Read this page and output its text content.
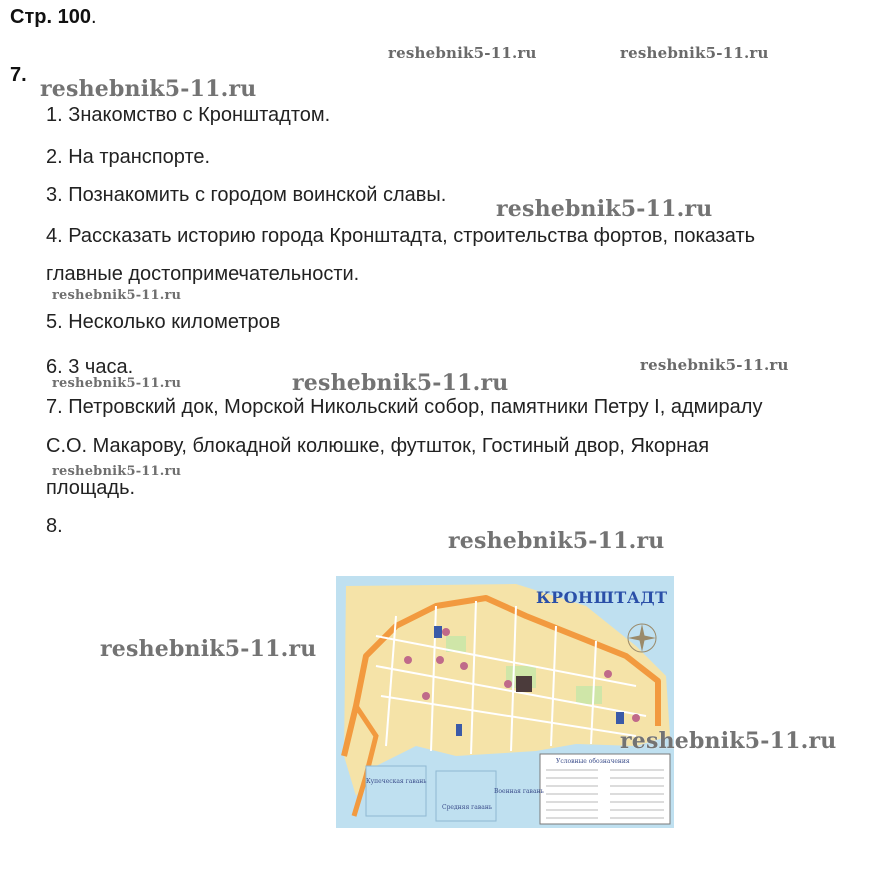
Стр. 100.
7.
1. Знакомство с Кронштадтом.
2. На транспорте.
3. Познакомить с городом воинской славы.
4. Рассказать историю города Кронштадта, строительства фортов, показать
главные достопримечательности.
5. Несколько километров
6. 3 часа.
7. Петровский док, Морской Никольский собор, памятники Петру I, адмиралу
С.О. Макарову, блокадной колюшке, футшток, Гостиный двор, Якорная
площадь.
8.
КРОНШТАДТ
Купеческая гавань
Средняя гавань
Военная гавань
Условные обозначения
reshebnik5-11.ru	reshebnik5-11.ru
reshebnik5-11.ru
reshebnik5-11.ru
reshebnik5-11.ru
reshebnik5-11.ru
reshebnik5-11.ru	reshebnik5-11.ru
reshebnik5-11.ru
reshebnik5-11.ru
reshebnik5-11.ru
reshebnik5-11.ru
